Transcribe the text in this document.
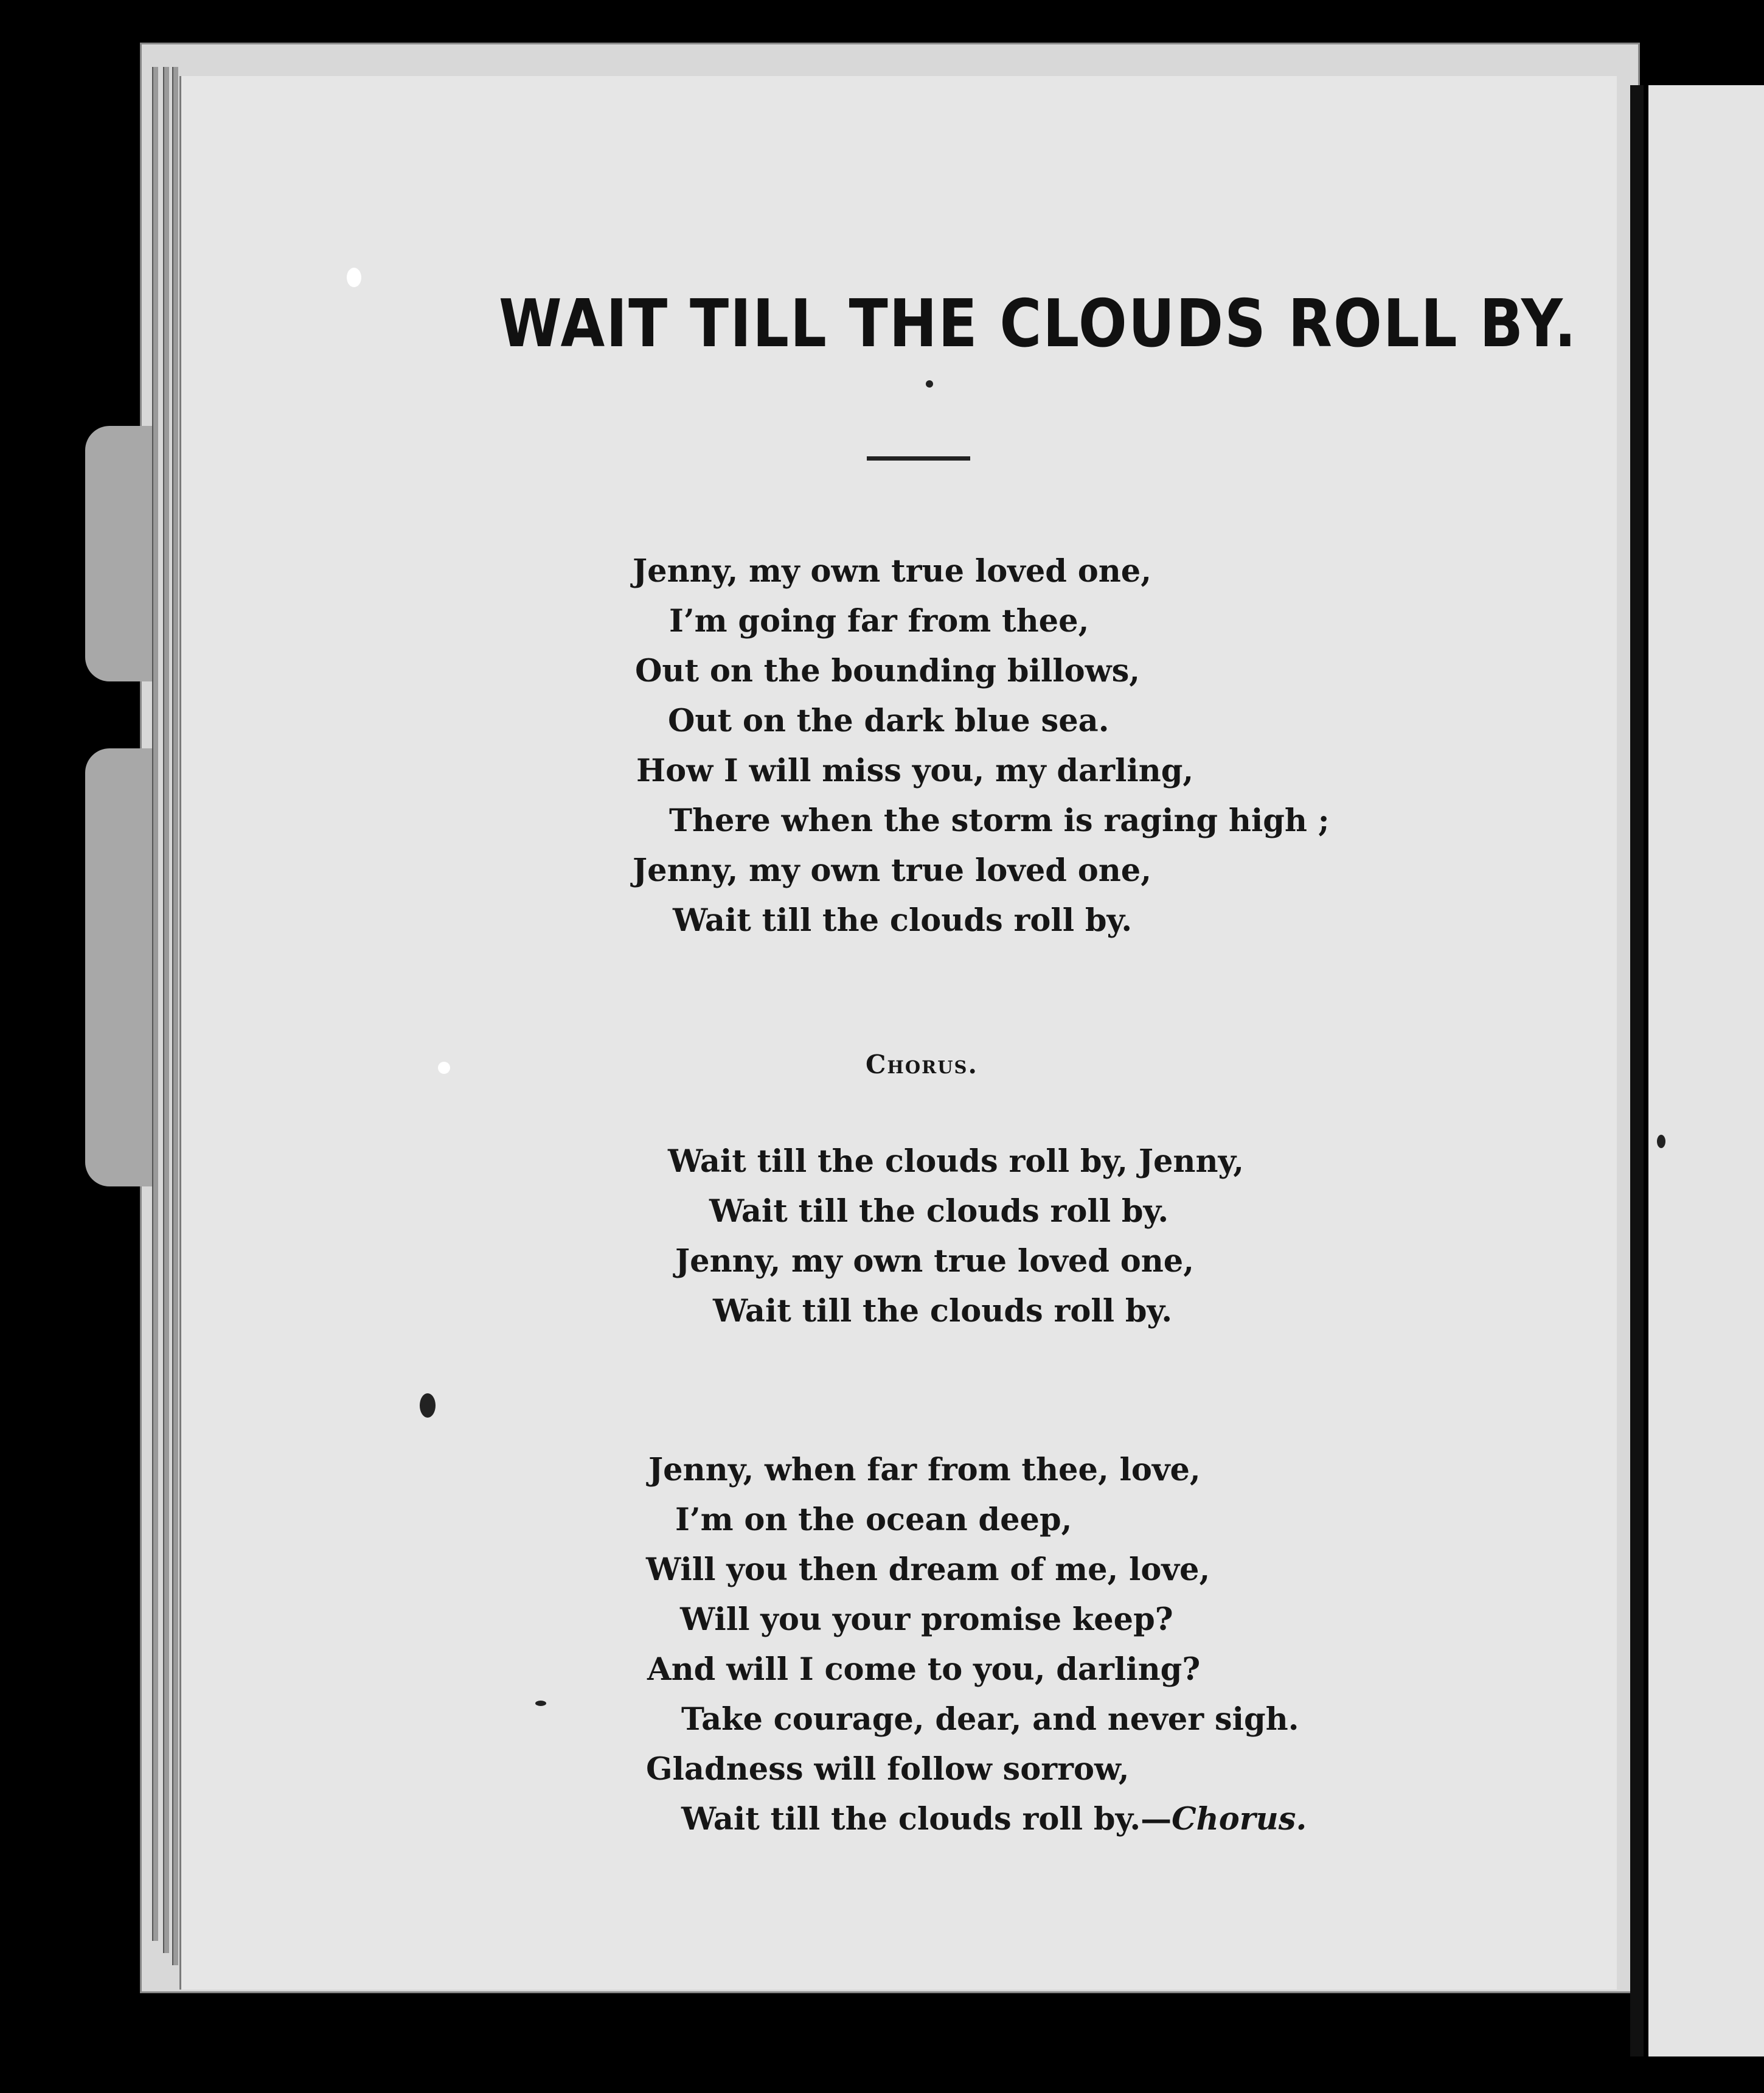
WAIT TILL THE CLOUDS ROLL BY.
Jenny, my own true loved one,
I’m going far from thee,
Out on the bounding billows,
Out on the dark blue sea.
How I will miss you, my darling,
There when the storm is raging high ;
Jenny, my own true loved one,
Wait till the clouds roll by.
Chorus.
Wait till the clouds roll by, Jenny,
Wait till the clouds roll by.
Jenny, my own true loved one,
Wait till the clouds roll by.
Jenny, when far from thee, love,
I’m on the ocean deep,
Will you then dream of me, love,
Will you your promise keep?
And will I come to you, darling?
Take courage, dear, and never sigh.
Gladness will follow sorrow,
Wait till the clouds roll by.—Chorus.
